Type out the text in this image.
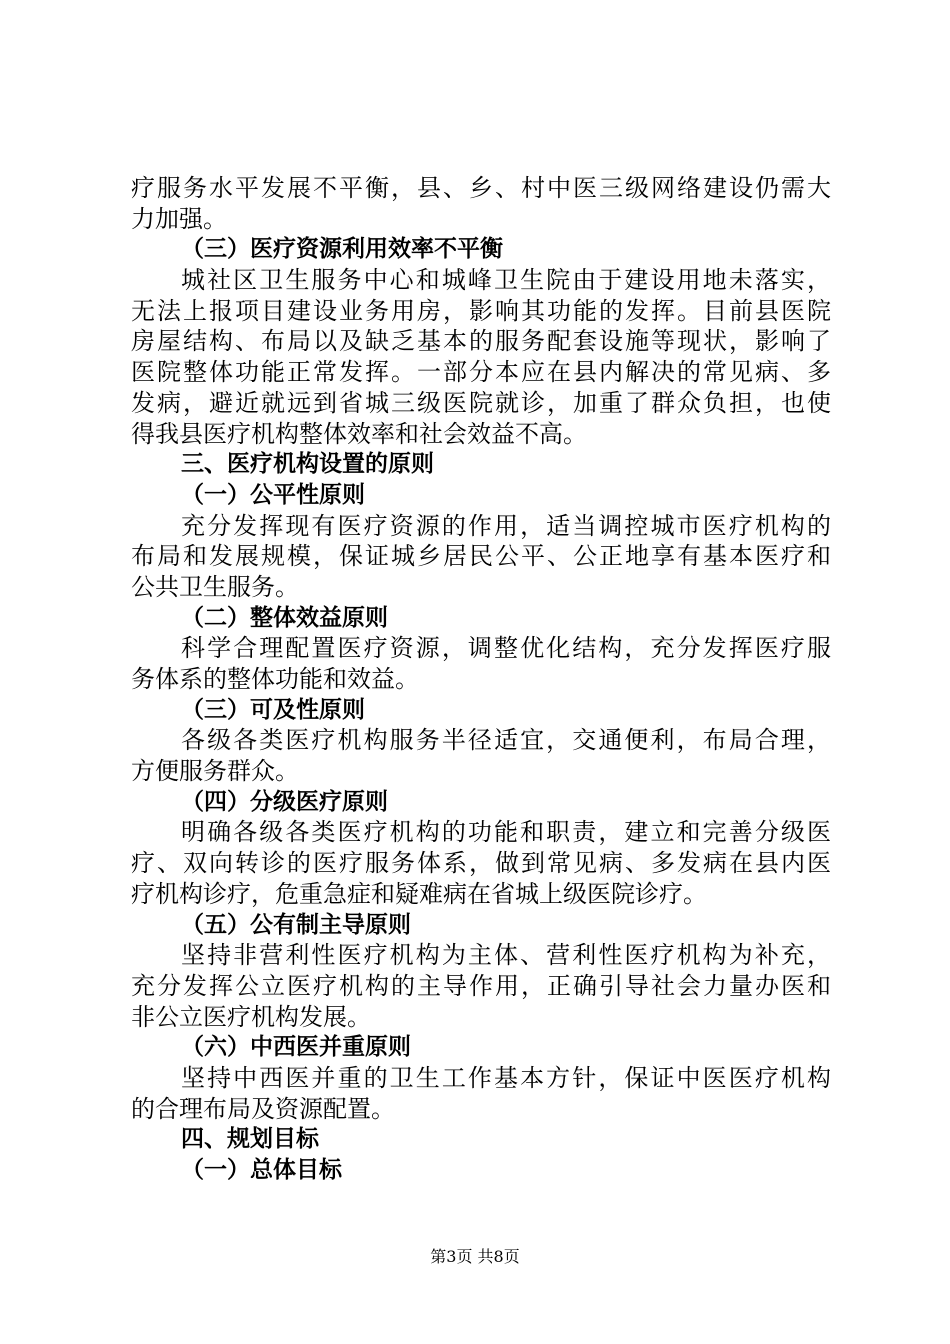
疗服务水平发展不平衡，县、乡、村中医三级网络建设仍需大
力加强。
（三）医疗资源利用效率不平衡
城社区卫生服务中心和城峰卫生院由于建设用地未落实，
无法上报项目建设业务用房，影响其功能的发挥。目前县医院
房屋结构、布局以及缺乏基本的服务配套设施等现状，影响了
医院整体功能正常发挥。一部分本应在县内解决的常见病、多
发病，避近就远到省城三级医院就诊，加重了群众负担，也使
得我县医疗机构整体效率和社会效益不高。
三、医疗机构设置的原则
（一）公平性原则
充分发挥现有医疗资源的作用，适当调控城市医疗机构的
布局和发展规模，保证城乡居民公平、公正地享有基本医疗和
公共卫生服务。
（二）整体效益原则
科学合理配置医疗资源，调整优化结构，充分发挥医疗服
务体系的整体功能和效益。
（三）可及性原则
各级各类医疗机构服务半径适宜，交通便利，布局合理，
方便服务群众。
（四）分级医疗原则
明确各级各类医疗机构的功能和职责，建立和完善分级医
疗、双向转诊的医疗服务体系，做到常见病、多发病在县内医
疗机构诊疗，危重急症和疑难病在省城上级医院诊疗。
（五）公有制主导原则
坚持非营利性医疗机构为主体、营利性医疗机构为补充，
充分发挥公立医疗机构的主导作用，正确引导社会力量办医和
非公立医疗机构发展。
（六）中西医并重原则
坚持中西医并重的卫生工作基本方针，保证中医医疗机构
的合理布局及资源配置。
四、规划目标
（一）总体目标
第3页 共8页
